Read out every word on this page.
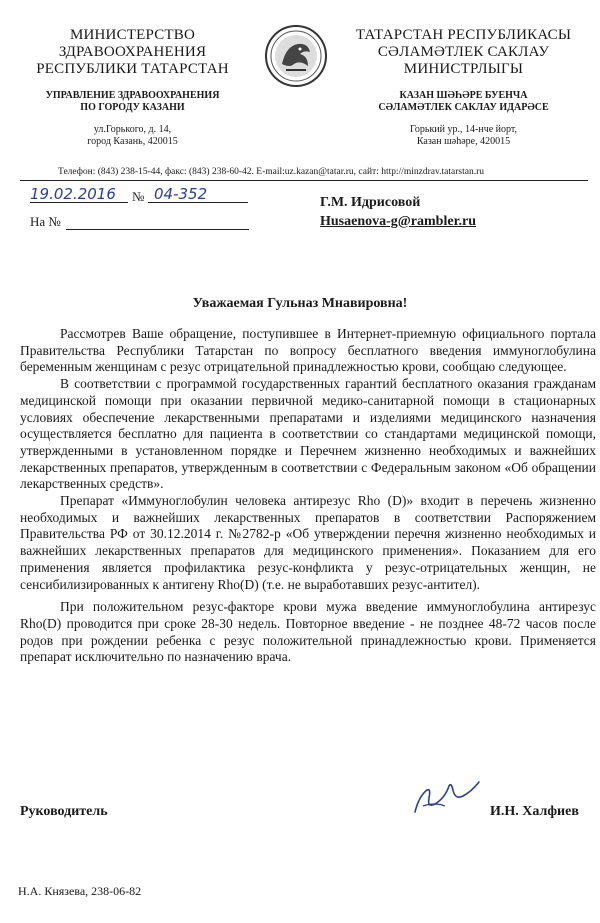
МИНИСТЕРСТВО
ЗДРАВООХРАНЕНИЯ
РЕСПУБЛИКИ ТАТАРСТАН
УПРАВЛЕНИЕ ЗДРАВООХРАНЕНИЯ
ПО ГОРОДУ КАЗАНИ
ул.Горького, д. 14,
город Казань, 420015
ТАТАРСТАН РЕСПУБЛИКАСЫ
СӘЛАМӘТЛЕК САКЛАУ
МИНИСТРЛЫГЫ
КАЗАН ШӘҺӘРЕ БУЕНЧА
СӘЛАМӘТЛЕК САКЛАУ ИДАРӘСЕ
Горький ур., 14-нче йорт,
Казан шәһәре, 420015
Телефон: (843) 238-15-44, факс: (843) 238-60-42. E-mail:uz.kazan@tatar.ru, сайт: http://minzdrav.tatarstan.ru
19.02.2016 № 04-352
На №
Г.М. Идрисовой
Husaenova-g@rambler.ru
Уважаемая Гульназ Мнавировна!

Рассмотрев Ваше обращение, поступившее в Интернет-приемную официального портала Правительства Республики Татарстан по вопросу бесплатного введения иммуноглобулина беременным женщинам с резус отрицательной принадлежностью крови, сообщаю следующее.

В соответствии с программой государственных гарантий бесплатного оказания гражданам медицинской помощи при оказании первичной медико-санитарной помощи в стационарных условиях обеспечение лекарственными препаратами и изделиями медицинского назначения осуществляется бесплатно для пациента в соответствии со стандартами медицинской помощи, утвержденными в установленном порядке и Перечнем жизненно необходимых и важнейших лекарственных препаратов, утвержденным в соответствии с Федеральным законом «Об обращении лекарственных средств».

Препарат «Иммуноглобулин человека антирезус Rho (D)» входит в перечень жизненно необходимых и важнейших лекарственных препаратов в соответствии Распоряжением Правительства РФ от 30.12.2014 г. №2782-р «Об утверждении перечня жизненно необходимых и важнейших лекарственных препаратов для медицинского применения». Показанием для его применения является профилактика резус-конфликта у резус-отрицательных женщин, не сенсибилизированных к антигену Rho(D) (т.е. не выработавших резус-антител).

При положительном резус-факторе крови мужа введение иммуноглобулина антирезус Rho(D) проводится при сроке 28-30 недель. Повторное введение - не позднее 48-72 часов после родов при рождении ребенка с резус положительной принадлежностью крови. Применяется препарат исключительно по назначению врача.

Руководитель	И.Н. Халфиев
Н.А. Князева, 238-06-82
